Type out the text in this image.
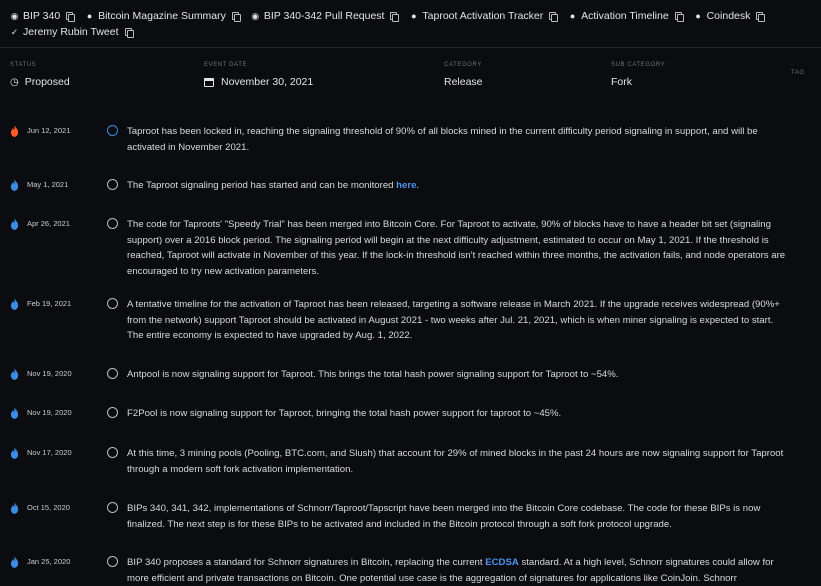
◉ BIP 340
	● Bitcoin Magazine Summary
	◉ BIP 340-342 Pull Request
	● Taproot Activation Tracker
	● Activation Timeline
	● Coindesk

✓ Jeremy Rubin Tweet
STATUS
◷ Proposed
EVENT DATE
November 30, 2021
CATEGORY
Release
SUB CATEGORY
Fork
TAG
Jun 12, 2021	Taproot has been locked in, reaching the signaling threshold of 90% of all blocks mined in the current difficulty period signaling in support, and will be activated in November 2021.
May 1, 2021	The Taproot signaling period has started and can be monitored here.
Apr 26, 2021	The code for Taproots' "Speedy Trial" has been merged into Bitcoin Core. For Taproot to activate, 90% of blocks have to have a header bit set (signaling support) over a 2016 block period. The signaling period will begin at the next difficulty adjustment, estimated to occur on May 1, 2021. If the threshold is reached, Taproot will activate in November of this year. If the lock-in threshold isn't reached within three months, the activation fails, and node operators are encouraged to try new activation parameters.
Feb 19, 2021	A tentative timeline for the activation of Taproot has been released, targeting a software release in March 2021. If the upgrade receives widespread (90%+ from the network) support Taproot should be activated in August 2021 - two weeks after Jul. 21, 2021, which is when miner signaling is expected to start. The entire economy is expected to have upgraded by Aug. 1, 2022.
Nov 19, 2020	Antpool is now signaling support for Taproot. This brings the total hash power signaling support for Taproot to ~54%.
Nov 19, 2020	F2Pool is now signaling support for Taproot, bringing the total hash power support for taproot to ~45%.
Nov 17, 2020	At this time, 3 mining pools (Pooling, BTC.com, and Slush) that account for 29% of mined blocks in the past 24 hours are now signaling support for Taproot through a modern soft fork activation implementation.
Oct 15, 2020	BIPs 340, 341, 342, implementations of Schnorr/Taproot/Tapscript have been merged into the Bitcoin Core codebase. The code for these BIPs is now finalized. The next step is for these BIPs to be activated and included in the Bitcoin protocol through a soft fork protocol upgrade.
Jan 25, 2020	BIP 340 proposes a standard for Schnorr signatures in Bitcoin, replacing the current ECDSA standard. At a high level, Schnorr signatures could allow for more efficient and private transactions on Bitcoin. One potential use case is the aggregation of signatures for applications like CoinJoin. Schnorr
